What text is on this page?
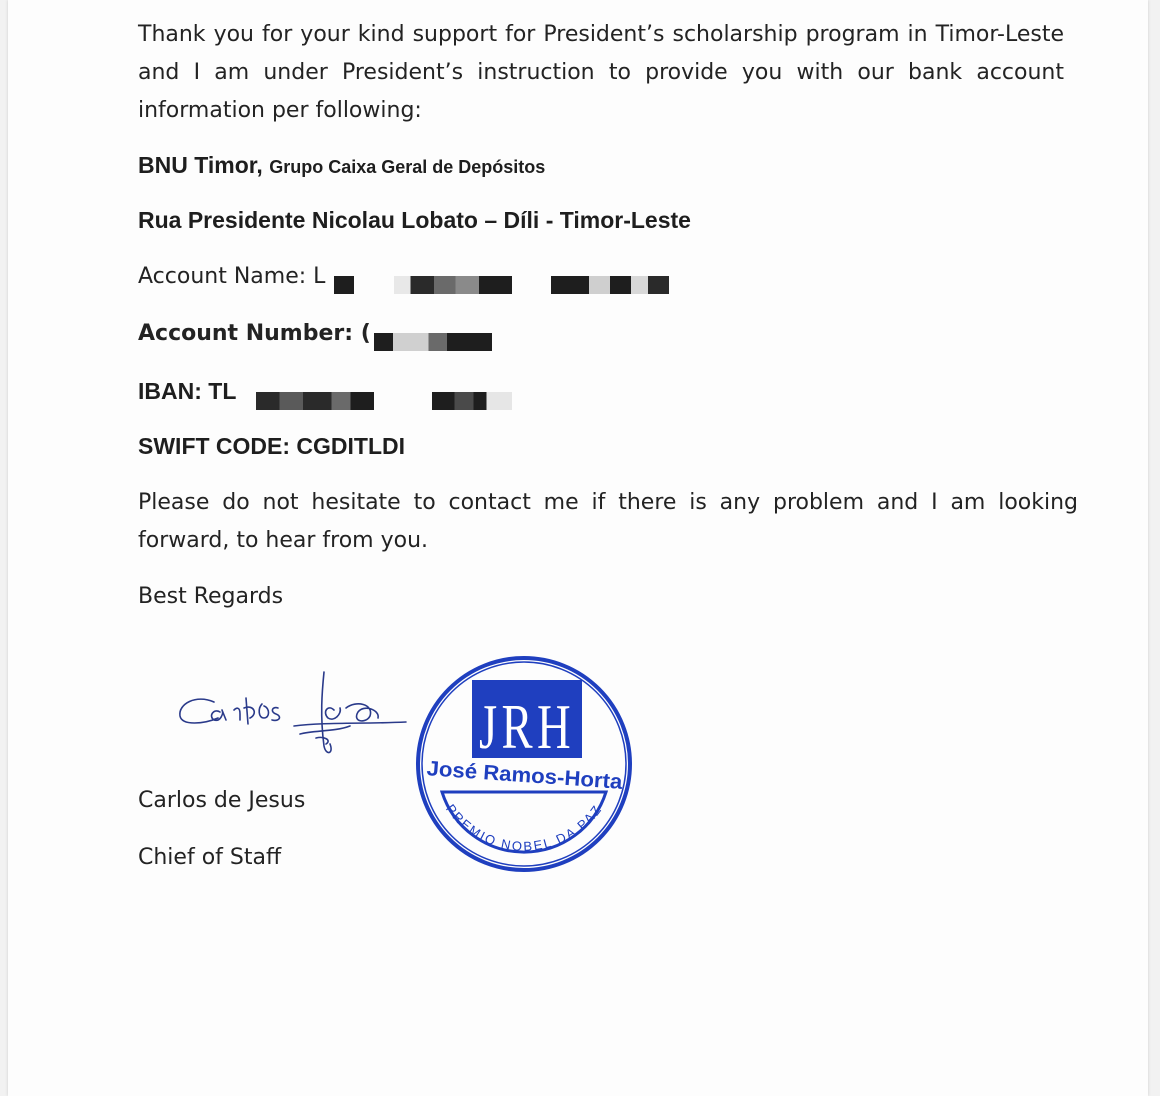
Thank you for your kind support for President’s scholarship program in Timor-Leste and I am under President’s instruction to provide you with our bank account information per following:
BNU Timor, Grupo Caixa Geral de Depósitos
Rua Presidente Nicolau Lobato – Díli - Timor-Leste
Account Name: L
Account Number: (
IBAN: TL
SWIFT CODE: CGDITLDI
Please do not hesitate to contact me if there is any problem and I am looking forward, to hear from you.
Best Regards
JRH
José Ramos-Horta
PREMIO NOBEL DA PAZ
Carlos de Jesus
Chief of Staff
